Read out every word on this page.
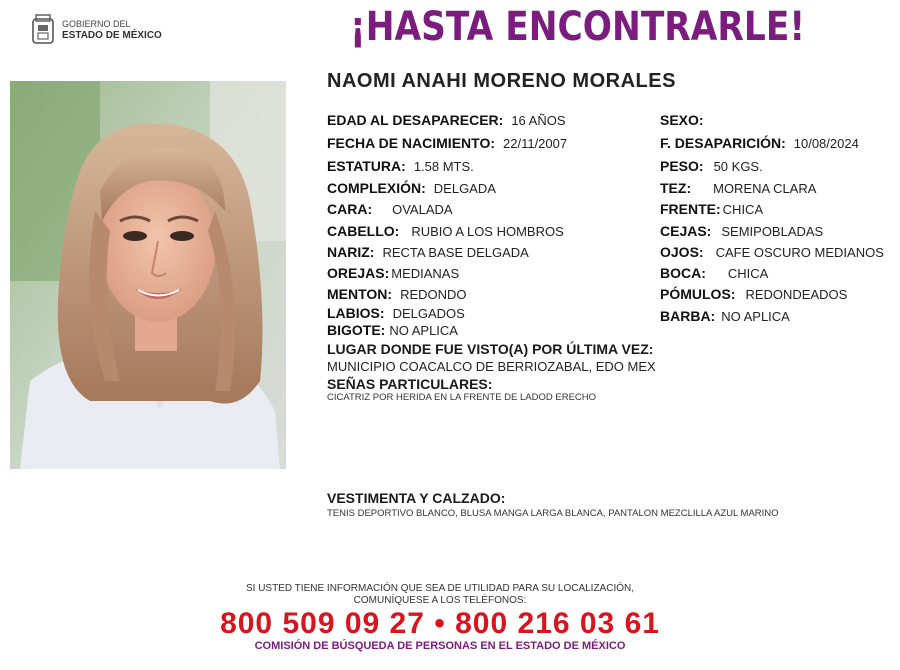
GOBIERNO DEL
ESTADO DE MÉXICO	¡HASTA ENCONTRARLE!
NAOMI ANAHI MORENO MORALES
EDAD AL DESAPARECER: 16 AÑOS
FECHA DE NACIMIENTO: 22/11/2007
ESTATURA: 1.58 MTS.
COMPLEXIÓN: DELGADA
CARA: OVALADA
CABELLO: RUBIO A LOS HOMBROS
NARIZ: RECTA BASE DELGADA
OREJAS: MEDIANAS
MENTON: REDONDO
LABIOS: DELGADOS
BIGOTE: NO APLICA
SEXO:
F. DESAPARICIÓN: 10/08/2024
PESO: 50 KGS.
TEZ: MORENA CLARA
FRENTE: CHICA
CEJAS: SEMIPOBLADAS
OJOS: CAFE OSCURO MEDIANOS
BOCA: CHICA
PÓMULOS: REDONDEADOS
BARBA: NO APLICA
LUGAR DONDE FUE VISTO(A) POR ÚLTIMA VEZ:
MUNICIPIO COACALCO DE BERRIOZABAL, EDO MEX
SEÑAS PARTICULARES:
CICATRIZ POR HERIDA EN LA FRENTE DE LADOD ERECHO
VESTIMENTA Y CALZADO:
TENIS DEPORTIVO BLANCO, BLUSA MANGA LARGA BLANCA, PANTALON MEZCLILLA AZUL MARINO
SI USTED TIENE INFORMACIÓN QUE SEA DE UTILIDAD PARA SU LOCALIZACIÓN,
COMUNÍQUESE A LOS TELÉFONOS:
800 509 09 27 • 800 216 03 61
COMISIÓN DE BÚSQUEDA DE PERSONAS EN EL ESTADO DE MÉXICO
